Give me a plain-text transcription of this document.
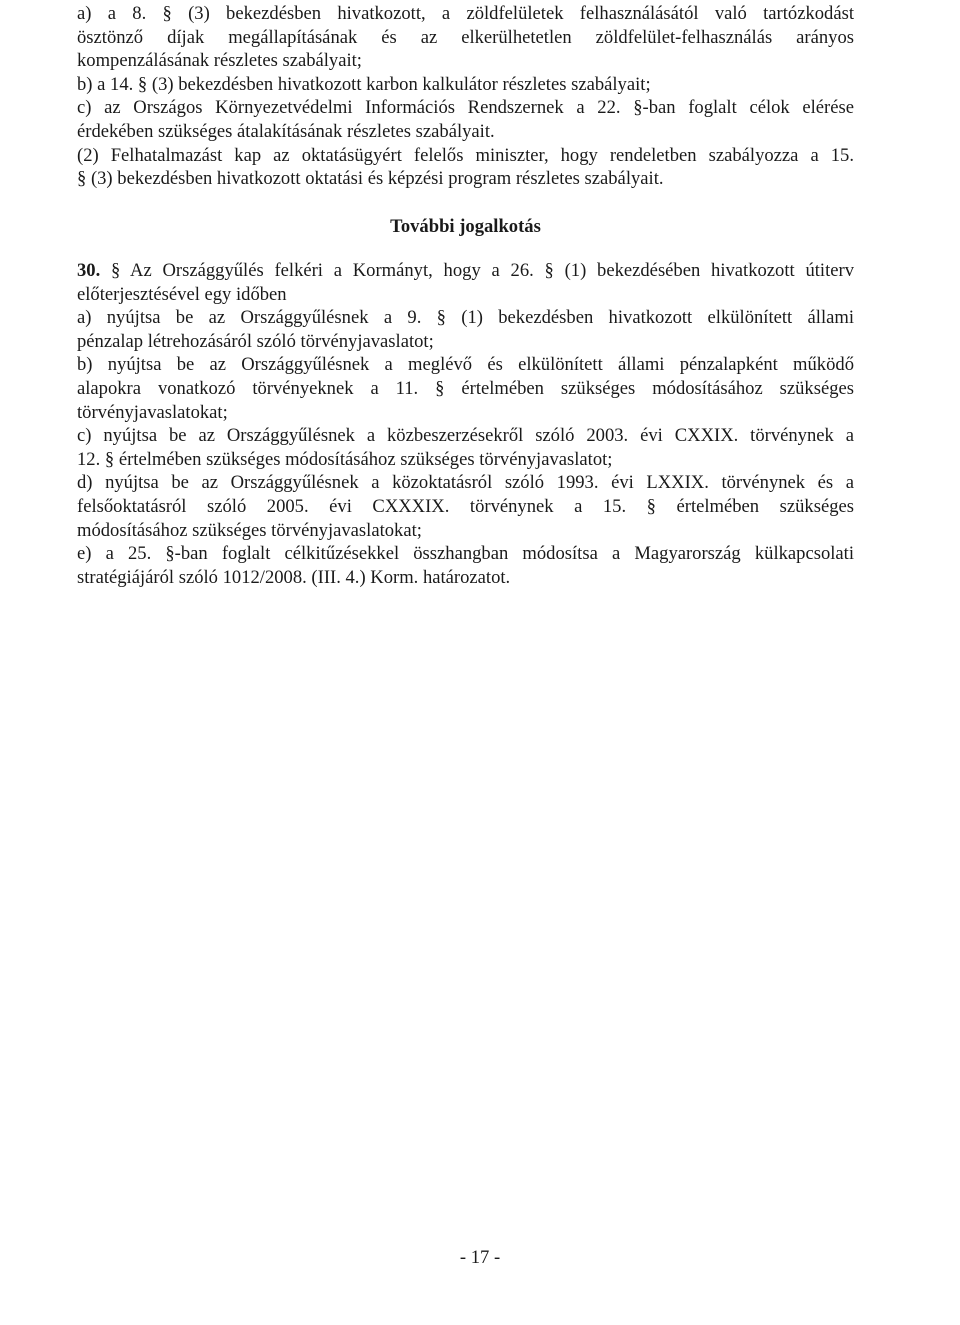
a) a 8. § (3) bekezdésben hivatkozott, a zöldfelületek felhasználásától való tartózkodást
ösztönző díjak megállapításának és az elkerülhetetlen zöldfelület-felhasználás arányos
kompenzálásának részletes szabályait;
b) a 14. § (3) bekezdésben hivatkozott karbon kalkulátor részletes szabályait;
c) az Országos Környezetvédelmi Információs Rendszernek a 22. §-ban foglalt célok elérése
érdekében szükséges átalakításának részletes szabályait.
(2) Felhatalmazást kap az oktatásügyért felelős miniszter, hogy rendeletben szabályozza a 15.
§ (3) bekezdésben hivatkozott oktatási és képzési program részletes szabályait.
További jogalkotás
30. § Az Országgyűlés felkéri a Kormányt, hogy a 26. § (1) bekezdésében hivatkozott útiterv
előterjesztésével egy időben
a) nyújtsa be az Országgyűlésnek a 9. § (1) bekezdésben hivatkozott elkülönített állami
pénzalap létrehozásáról szóló törvényjavaslatot;
b) nyújtsa be az Országgyűlésnek a meglévő és elkülönített állami pénzalapként működő
alapokra vonatkozó törvényeknek a 11. § értelmében szükséges módosításához szükséges
törvényjavaslatokat;
c) nyújtsa be az Országgyűlésnek a közbeszerzésekről szóló 2003. évi CXXIX. törvénynek a
12. § értelmében szükséges módosításához szükséges törvényjavaslatot;
d) nyújtsa be az Országgyűlésnek a közoktatásról szóló 1993. évi LXXIX. törvénynek és a
felsőoktatásról szóló 2005. évi CXXXIX. törvénynek a 15. § értelmében szükséges
módosításához szükséges törvényjavaslatokat;
e) a 25. §-ban foglalt célkitűzésekkel összhangban módosítsa a Magyarország külkapcsolati
stratégiájáról szóló 1012/2008. (III. 4.) Korm. határozatot.
- 17 -
